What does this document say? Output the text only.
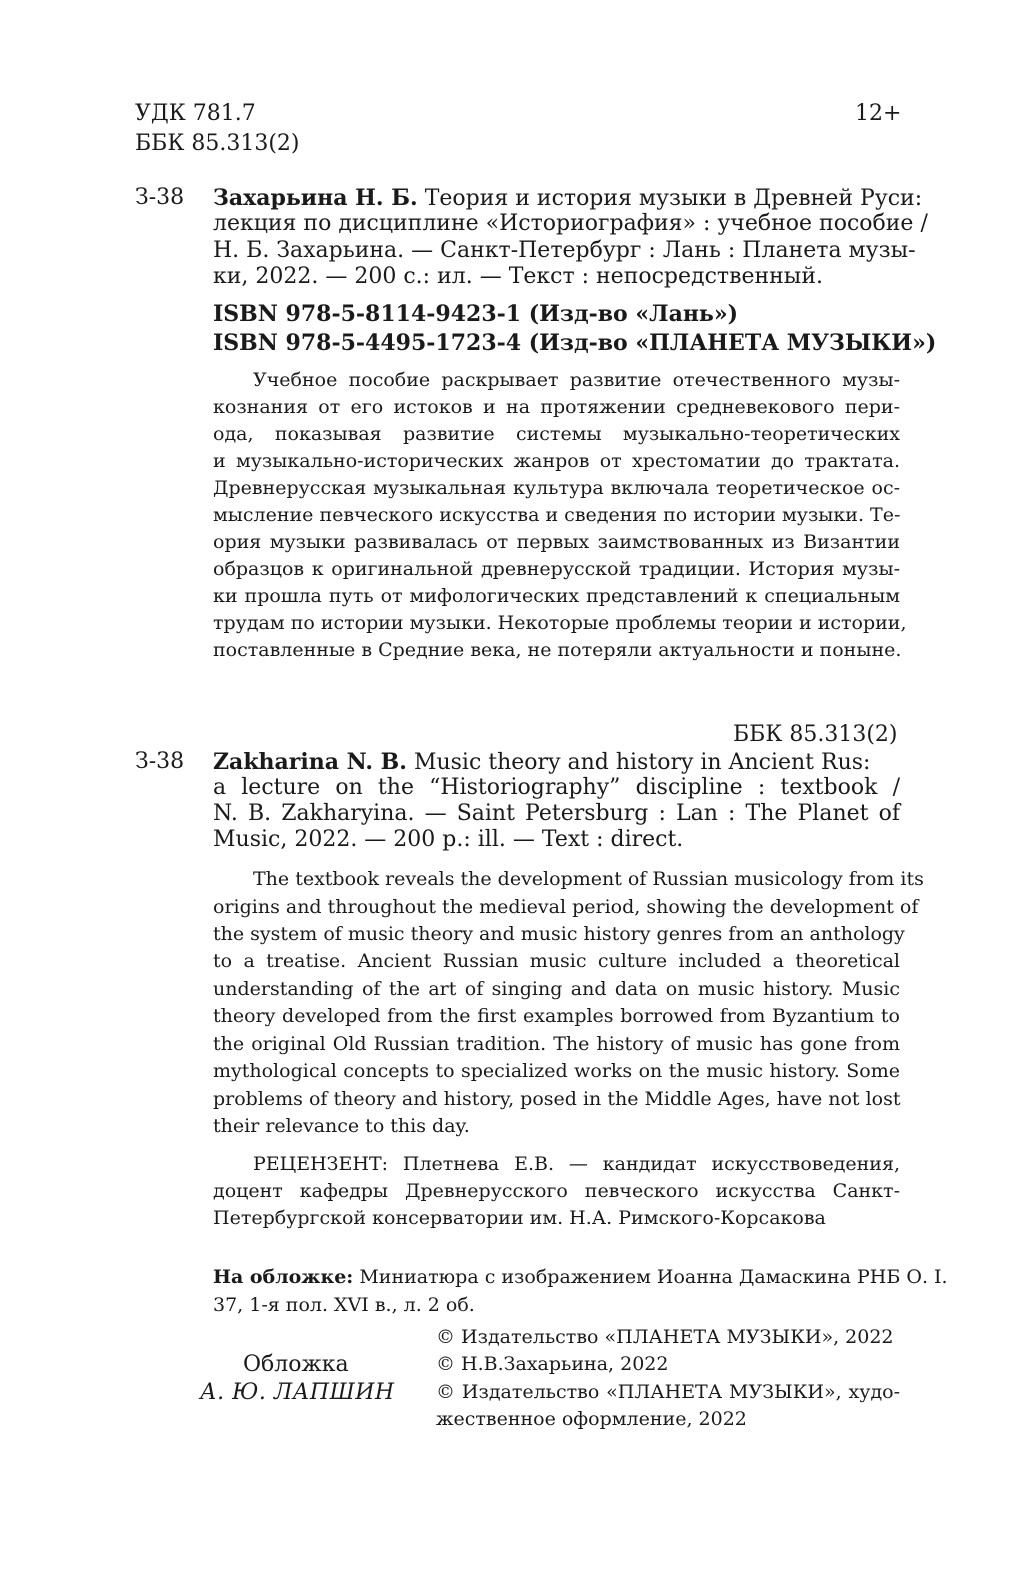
УДК 781.7	12+
ББК 85.313(2)
З-38 Захарьина Н. Б. Теория и история музыки в Древней Руси:
лекция по дисциплине «Историография» : учебное пособие /
Н. Б. Захарьина. — Санкт-Петербург : Лань : Планета музы-
ки, 2022. — 200 с.: ил. — Текст : непосредственный.
ISBN 978-5-8114-9423-1 (Изд-во «Лань»)
ISBN 978-5-4495-1723-4 (Изд-во «ПЛАНЕТА МУЗЫКИ»)
Учебное пособие раскрывает развитие отечественного музы-
кознания от его истоков и на протяжении средневекового пери-
ода, показывая развитие системы музыкально-теоретических
и музыкально-исторических жанров от хрестоматии до трактата.
Древнерусская музыкальная культура включала теоретическое ос-
мысление певческого искусства и сведения по истории музыки. Те-
ория музыки развивалась от первых заимствованных из Византии
образцов к оригинальной древнерусской традиции. История музы-
ки прошла путь от мифологических представлений к специальным
трудам по истории музыки. Некоторые проблемы теории и истории,
поставленные в Средние века, не потеряли актуальности и поныне.
ББК 85.313(2)
З-38 Zakharina N. B. Music theory and history in Ancient Rus:
a lecture on the “Historiography” discipline : textbook /
N. B. Zakharyina. — Saint Petersburg : Lan : The Planet of
Music, 2022. — 200 p.: ill. — Text : direct.
The textbook reveals the development of Russian musicology from its
origins and throughout the medieval period, showing the development of
the system of music theory and music history genres from an anthology
to a treatise. Ancient Russian music culture included a theoretical
understanding of the art of singing and data on music history. Music
theory developed from the first examples borrowed from Byzantium to
the original Old Russian tradition. The history of music has gone from
mythological concepts to specialized works on the music history. Some
problems of theory and history, posed in the Middle Ages, have not lost
their relevance to this day.
РЕЦЕНЗЕНТ: Плетнева Е.В. — кандидат искусствоведения,
доцент кафедры Древнерусского певческого искусства Санкт-
Петербургской консерватории им. Н.А. Римского-Корсакова
На обложке: Миниатюра с изображением Иоанна Дамаскина РНБ О. I.
37, 1-я пол. XVI в., л. 2 об.
Обложка
А. Ю. ЛАПШИН
© Издательство «ПЛАНЕТА МУЗЫКИ», 2022
© Н.В.Захарьина, 2022
© Издательство «ПЛАНЕТА МУЗЫКИ», худо-
жественное оформление, 2022
